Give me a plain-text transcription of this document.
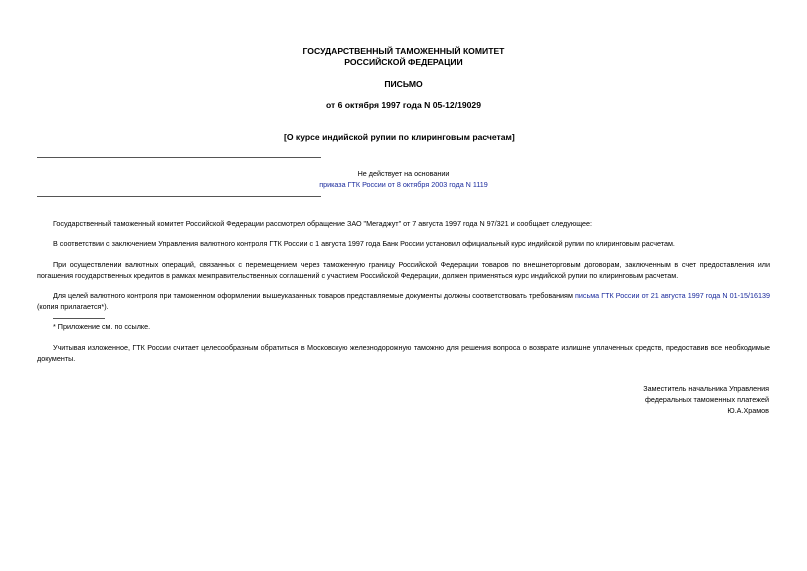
ГОСУДАРСТВЕННЫЙ ТАМОЖЕННЫЙ КОМИТЕТ
РОССИЙСКОЙ ФЕДЕРАЦИИ
ПИСЬМО
от 6 октября 1997 года N 05-12/19029
[О курсе индийской рупии по клиринговым расчетам]
Не действует на основании
приказа ГТК России от 8 октября 2003 года N 1119

Государственный таможенный комитет Российской Федерации рассмотрел обращение ЗАО "Мегаджут" от 7 августа 1997 года N 97/321 и сообщает следующее:

В соответствии с заключением Управления валютного контроля ГТК России с 1 августа 1997 года Банк России установил официальный курс индийской рупии по клиринговым расчетам.

При осуществлении валютных операций, связанных с перемещением через таможенную границу Российской Федерации товаров по внешнеторговым договорам, заключенным в счет предоставления или погашения государственных кредитов в рамках межправительственных соглашений с участием Российской Федерации, должен применяться курс индийской рупии по клиринговым расчетам.

Для целей валютного контроля при таможенном оформлении вышеуказанных товаров представляемые документы должны соответствовать требованиям письма ГТК России от 21 августа 1997 года N 01-15/16139 (копия прилагается*).

* Приложение см. по ссылке.

Учитывая изложенное, ГТК России считает целесообразным обратиться в Московскую железнодорожную таможню для решения вопроса о возврате излишне уплаченных средств, предоставив все необходимые документы.

Заместитель начальника Управления
федеральных таможенных платежей
Ю.А.Храмов
